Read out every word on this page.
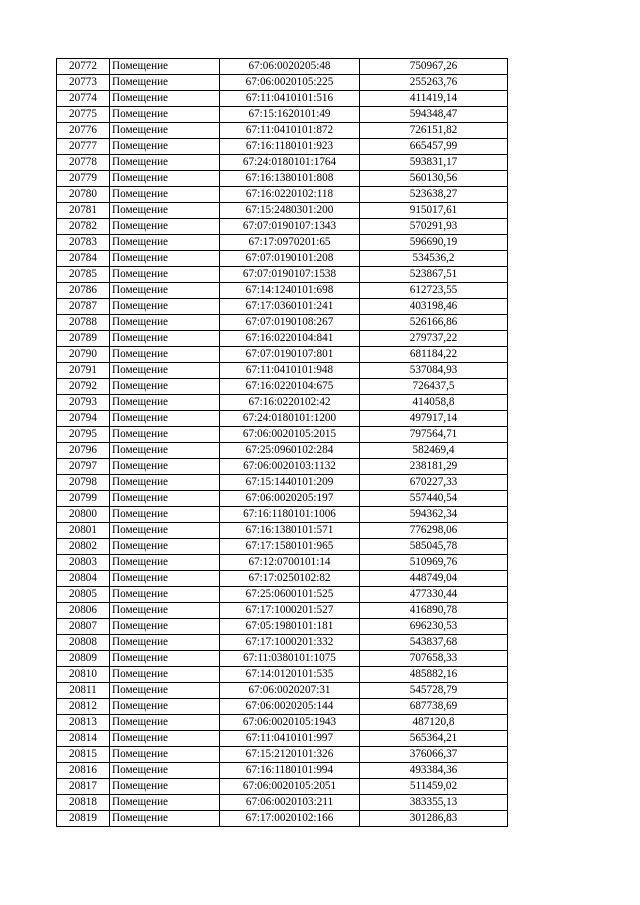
20772	Помещение	67:06:0020205:48	750967,26
20773	Помещение	67:06:0020105:225	255263,76
20774	Помещение	67:11:0410101:516	411419,14
20775	Помещение	67:15:1620101:49	594348,47
20776	Помещение	67:11:0410101:872	726151,82
20777	Помещение	67:16:1180101:923	665457,99
20778	Помещение	67:24:0180101:1764	593831,17
20779	Помещение	67:16:1380101:808	560130,56
20780	Помещение	67:16:0220102:118	523638,27
20781	Помещение	67:15:2480301:200	915017,61
20782	Помещение	67:07:0190107:1343	570291,93
20783	Помещение	67:17:0970201:65	596690,19
20784	Помещение	67:07:0190101:208	534536,2
20785	Помещение	67:07:0190107:1538	523867,51
20786	Помещение	67:14:1240101:698	612723,55
20787	Помещение	67:17:0360101:241	403198,46
20788	Помещение	67:07:0190108:267	526166,86
20789	Помещение	67:16:0220104:841	279737,22
20790	Помещение	67:07:0190107:801	681184,22
20791	Помещение	67:11:0410101:948	537084,93
20792	Помещение	67:16:0220104:675	726437,5
20793	Помещение	67:16:0220102:42	414058,8
20794	Помещение	67:24:0180101:1200	497917,14
20795	Помещение	67:06:0020105:2015	797564,71
20796	Помещение	67:25:0960102:284	582469,4
20797	Помещение	67:06:0020103:1132	238181,29
20798	Помещение	67:15:1440101:209	670227,33
20799	Помещение	67:06:0020205:197	557440,54
20800	Помещение	67:16:1180101:1006	594362,34
20801	Помещение	67:16:1380101:571	776298,06
20802	Помещение	67:17:1580101:965	585045,78
20803	Помещение	67:12:0700101:14	510969,76
20804	Помещение	67:17:0250102:82	448749,04
20805	Помещение	67:25:0600101:525	477330,44
20806	Помещение	67:17:1000201:527	416890,78
20807	Помещение	67:05:1980101:181	696230,53
20808	Помещение	67:17:1000201:332	543837,68
20809	Помещение	67:11:0380101:1075	707658,33
20810	Помещение	67:14:0120101:535	485882,16
20811	Помещение	67:06:0020207:31	545728,79
20812	Помещение	67:06:0020205:144	687738,69
20813	Помещение	67:06:0020105:1943	487120,8
20814	Помещение	67:11:0410101:997	565364,21
20815	Помещение	67:15:2120101:326	376066,37
20816	Помещение	67:16:1180101:994	493384,36
20817	Помещение	67:06:0020105:2051	511459,02
20818	Помещение	67:06:0020103:211	383355,13
20819	Помещение	67:17:0020102:166	301286,83
